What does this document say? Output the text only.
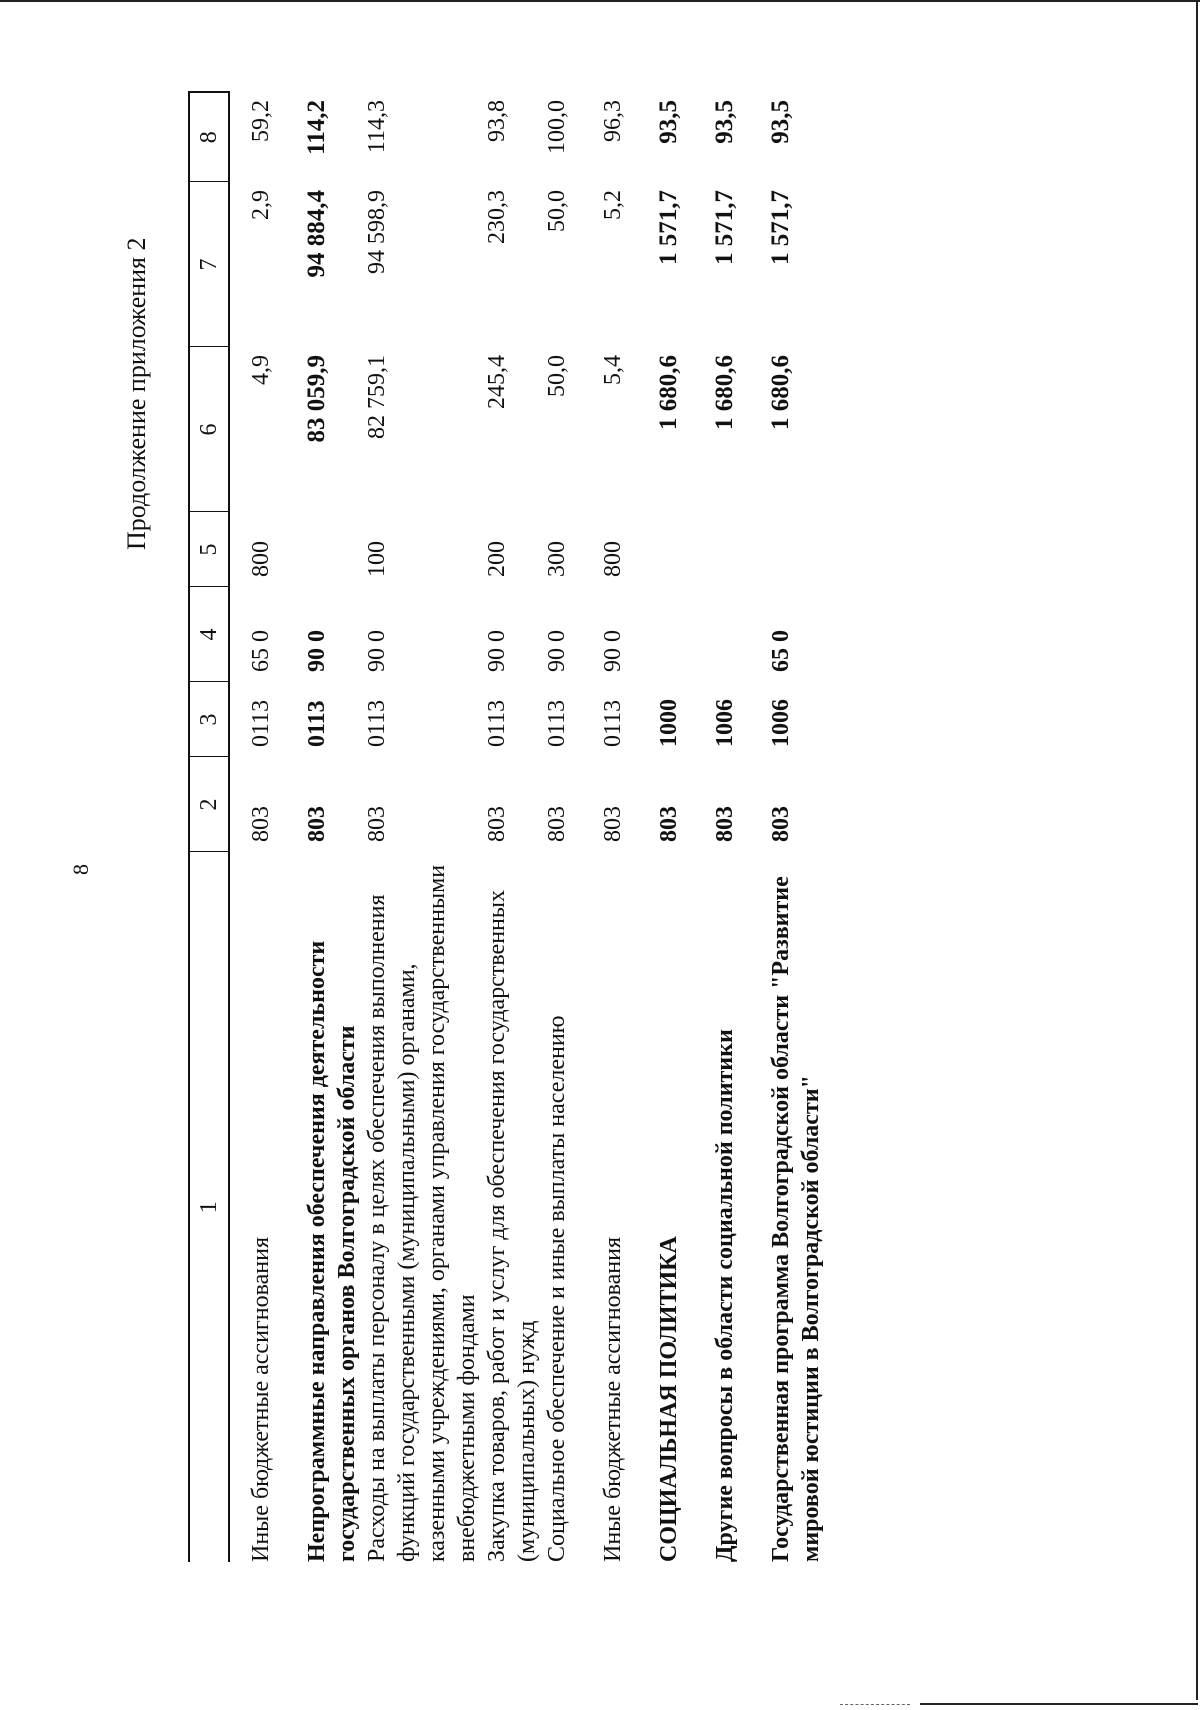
8
Продолжение приложения 2
1	2	3	4	5	6	7	8
Иные бюджетные ассигнования	803	0113	65 0	800	4,9	2,9	59,2
Непрограммные направления обеспечения деятельности государственных органов Волгоградской области	803	0113	90 0		83 059,9	94 884,4	114,2
Расходы на выплаты персоналу в целях обеспечения выполнения функций государственными (муниципальными) органами, казенными учреждениями, органами управления государственными внебюджетными фондами	803	0113	90 0	100	82 759,1	94 598,9	114,3
Закупка товаров, работ и услуг для обеспечения государственных (муниципальных) нужд	803	0113	90 0	200	245,4	230,3	93,8
Социальное обеспечение и иные выплаты населению	803	0113	90 0	300	50,0	50,0	100,0
Иные бюджетные ассигнования	803	0113	90 0	800	5,4	5,2	96,3
СОЦИАЛЬНАЯ ПОЛИТИКА	803	1000			1 680,6	1 571,7	93,5
Другие вопросы в области социальной политики	803	1006			1 680,6	1 571,7	93,5
Государственная программа Волгоградской области "Развитие мировой юстиции в Волгоградской области"	803	1006	65 0		1 680,6	1 571,7	93,5
